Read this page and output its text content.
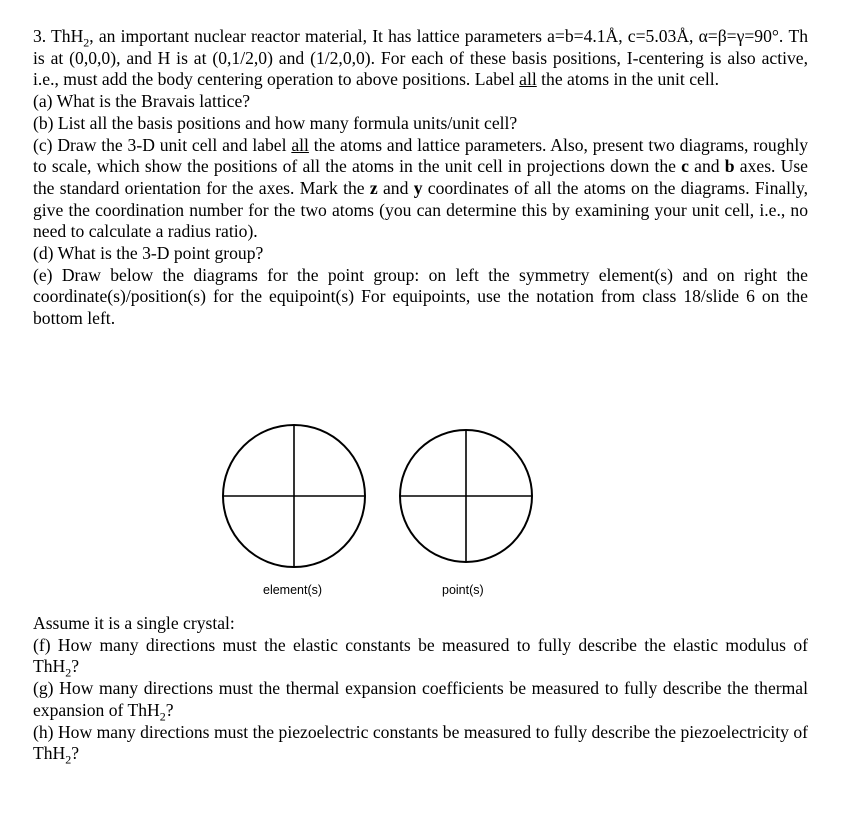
3. ThH$_2$, an important nuclear reactor material, It has lattice parameters a=b=4.1Å, c=5.03Å, α=β=γ=90°. Th is at (0,0,0), and H is at (0,1/2,0) and (1/2,0,0). For each of these basis positions, I-centering is also active, i.e., must add the body centering operation to above positions. Label all the atoms in the unit cell.

(a) What is the Bravais lattice?

(b) List all the basis positions and how many formula units/unit cell?

(c) Draw the 3-D unit cell and label all the atoms and lattice parameters. Also, present two diagrams, roughly to scale, which show the positions of all the atoms in the unit cell in projections down the c and b axes. Use the standard orientation for the axes. Mark the z and y coordinates of all the atoms on the diagrams. Finally, give the coordination number for the two atoms (you can determine this by examining your unit cell, i.e., no need to calculate a radius ratio).

(d) What is the 3-D point group?

(e) Draw below the diagrams for the point group: on left the symmetry element(s) and on right the coordinate(s)/position(s) for the equipoint(s) For equipoints, use the notation from class 18/slide 6 on the bottom left.

element(s)	point(s)

Assume it is a single crystal:

(f) How many directions must the elastic constants be measured to fully describe the elastic modulus of ThH$_2$?

(g) How many directions must the thermal expansion coefficients be measured to fully describe the thermal expansion of ThH$_2$?

(h) How many directions must the piezoelectric constants be measured to fully describe the piezoelectricity of ThH$_2$?
